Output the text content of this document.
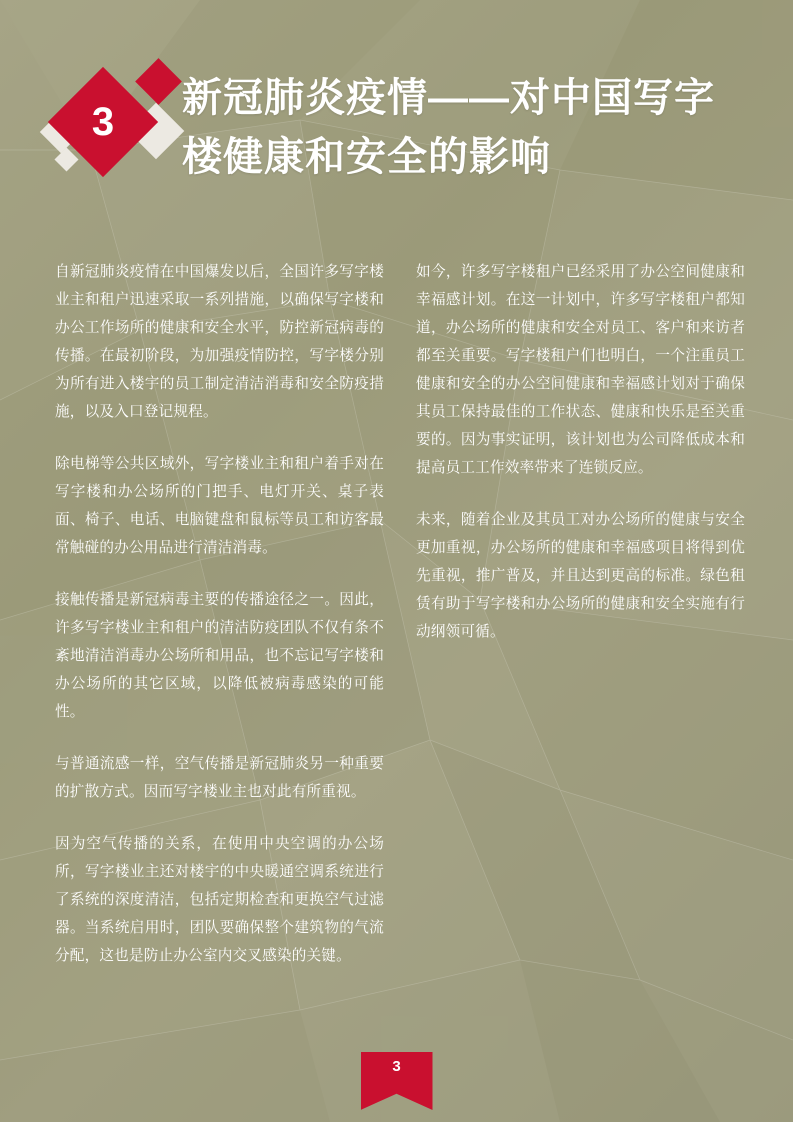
3
新冠肺炎疫情——对中国写字楼健康和安全的影响

自新冠肺炎疫情在中国爆发以后，全国许多写字楼业主和租户迅速采取一系列措施，以确保写字楼和办公工作场所的健康和安全水平，防控新冠病毒的传播。在最初阶段，为加强疫情防控，写字楼分别为所有进入楼宇的员工制定清洁消毒和安全防疫措施，以及入口登记规程。

除电梯等公共区域外，写字楼业主和租户着手对在写字楼和办公场所的门把手、电灯开关、桌子表面、椅子、电话、电脑键盘和鼠标等员工和访客最常触碰的办公用品进行清洁消毒。

接触传播是新冠病毒主要的传播途径之一。因此，许多写字楼业主和租户的清洁防疫团队不仅有条不紊地清洁消毒办公场所和用品，也不忘记写字楼和办公场所的其它区域，以降低被病毒感染的可能性。

与普通流感一样，空气传播是新冠肺炎另一种重要的扩散方式。因而写字楼业主也对此有所重视。

因为空气传播的关系，在使用中央空调的办公场所，写字楼业主还对楼宇的中央暖通空调系统进行了系统的深度清洁，包括定期检查和更换空气过滤器。当系统启用时，团队要确保整个建筑物的气流分配，这也是防止办公室内交叉感染的关键。

如今，许多写字楼租户已经采用了办公空间健康和幸福感计划。在这一计划中，许多写字楼租户都知道，办公场所的健康和安全对员工、客户和来访者都至关重要。写字楼租户们也明白，一个注重员工健康和安全的办公空间健康和幸福感计划对于确保其员工保持最佳的工作状态、健康和快乐是至关重要的。因为事实证明，该计划也为公司降低成本和提高员工工作效率带来了连锁反应。

未来，随着企业及其员工对办公场所的健康与安全更加重视，办公场所的健康和幸福感项目将得到优先重视，推广普及，并且达到更高的标准。绿色租赁有助于写字楼和办公场所的健康和安全实施有行动纲领可循。

3
